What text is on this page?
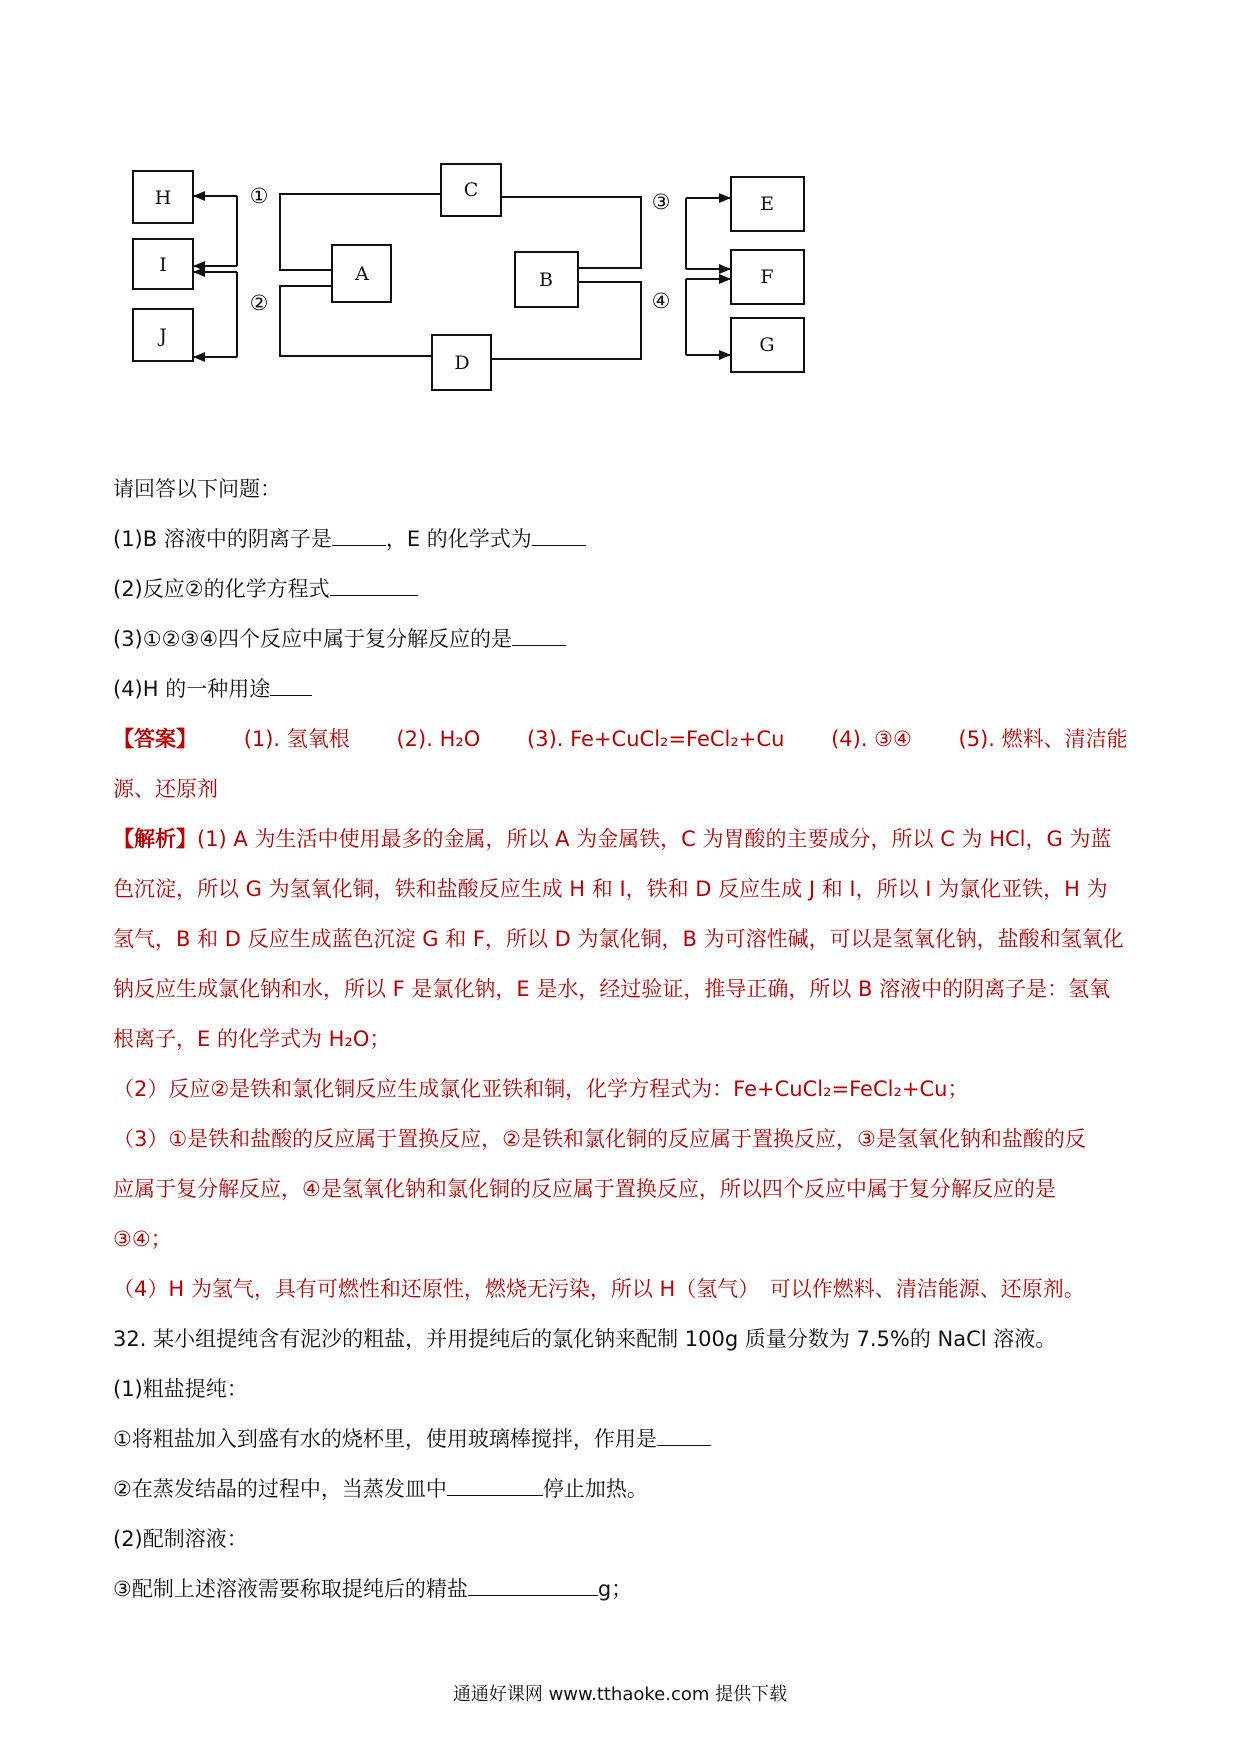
H
I
J
C
A	B
D
E
F
G
①
②
③
④
请回答以下问题：
(1)B 溶液中的阴离子是	，E 的化学式为
(2)反应②的化学方程式
(3)①②③④四个反应中属于复分解反应的是
(4)H 的一种用途
【答案】 (1). 氢氧根 (2). H₂O (3). Fe+CuCl₂=FeCl₂+Cu (4). ③④ (5). 燃料、清洁能
源、还原剂
【解析】(1) A 为生活中使用最多的金属，所以 A 为金属铁，C 为胃酸的主要成分，所以 C 为 HCl，G 为蓝
色沉淀，所以 G 为氢氧化铜，铁和盐酸反应生成 H 和 I，铁和 D 反应生成 J 和 I，所以 I 为氯化亚铁，H 为
氢气，B 和 D 反应生成蓝色沉淀 G 和 F，所以 D 为氯化铜，B 为可溶性碱，可以是氢氧化钠，盐酸和氢氧化
钠反应生成氯化钠和水，所以 F 是氯化钠，E 是水，经过验证，推导正确，所以 B 溶液中的阴离子是：氢氧
根离子，E 的化学式为 H₂O；
（2）反应②是铁和氯化铜反应生成氯化亚铁和铜，化学方程式为：Fe+CuCl₂=FeCl₂+Cu；
（3）①是铁和盐酸的反应属于置换反应，②是铁和氯化铜的反应属于置换反应，③是氢氧化钠和盐酸的反
应属于复分解反应，④是氢氧化钠和氯化铜的反应属于置换反应，所以四个反应中属于复分解反应的是
③④；
（4）H 为氢气，具有可燃性和还原性，燃烧无污染，所以 H（氢气）　可以作燃料、清洁能源、还原剂。
32. 某小组提纯含有泥沙的粗盐，并用提纯后的氯化钠来配制 100g 质量分数为 7.5%的 NaCl 溶液。
(1)粗盐提纯：
①将粗盐加入到盛有水的烧杯里，使用玻璃棒搅拌，作用是
②在蒸发结晶的过程中，当蒸发皿中	停止加热。
(2)配制溶液：
③配制上述溶液需要称取提纯后的精盐	g；
通通好课网 www.tthaoke.com 提供下载
